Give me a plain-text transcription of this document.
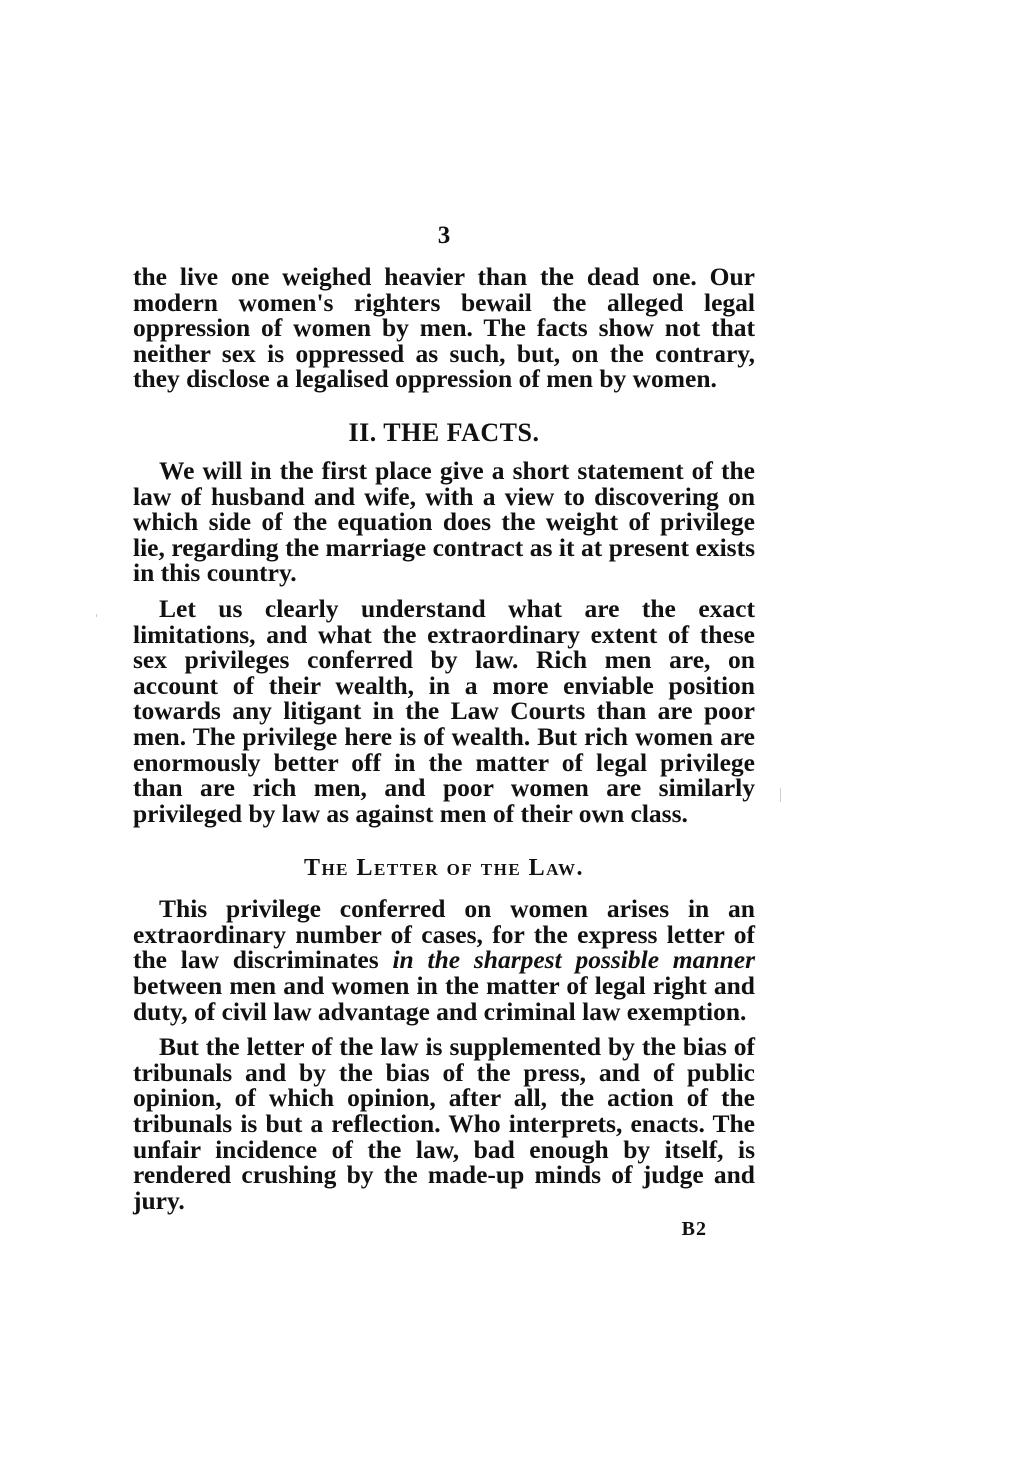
3

the live one weighed heavier than the dead one. Our modern women's righters bewail the alleged legal oppression of women by men. The facts show not that neither sex is oppressed as such, but, on the contrary, they disclose a legalised oppression of men by women.

II. THE FACTS.

We will in the first place give a short statement of the law of husband and wife, with a view to discovering on which side of the equation does the weight of privilege lie, regarding the marriage contract as it at present exists in this country.

Let us clearly understand what are the exact limitations, and what the extraordinary extent of these sex privileges conferred by law. Rich men are, on account of their wealth, in a more enviable position towards any litigant in the Law Courts than are poor men. The privilege here is of wealth. But rich women are enormously better off in the matter of legal privilege than are rich men, and poor women are similarly privileged by law as against men of their own class.

The Letter of the Law.

This privilege conferred on women arises in an extraordinary number of cases, for the express letter of the law discriminates in the sharpest possible manner between men and women in the matter of legal right and duty, of civil law advantage and criminal law exemption.

But the letter of the law is supplemented by the bias of tribunals and by the bias of the press, and of public opinion, of which opinion, after all, the action of the tribunals is but a reflection. Who interprets, enacts. The unfair incidence of the law, bad enough by itself, is rendered crushing by the made-up minds of judge and jury.

B2
